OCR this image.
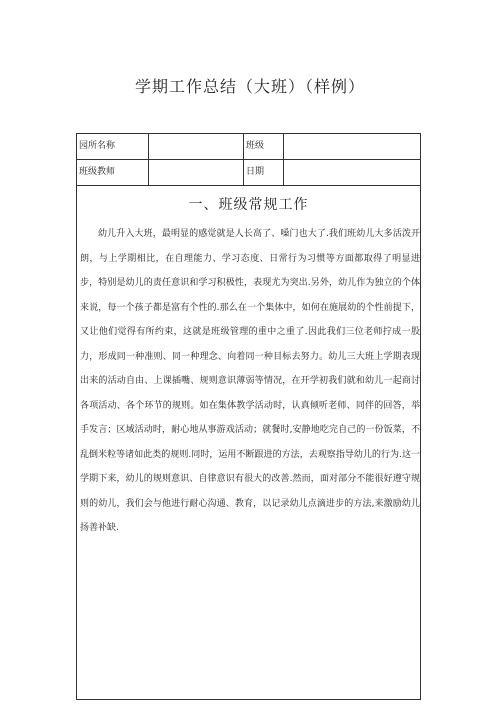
学期工作总结（大班）（样例）
园所名称	班级
班级教师	日期
一、班级常规工作

幼儿升入大班，最明显的感觉就是人长高了、嗓门也大了.我们班幼儿大多活泼开朗，与上学期相比，在自理能力、学习态度、日常行为习惯等方面都取得了明显进步，特别是幼儿的责任意识和学习积极性，表现尤为突出.另外，幼儿作为独立的个体来说，每一个孩子都是富有个性的.那么在一个集体中，如何在施展幼的个性前提下，又让他们觉得有所约束，这就是班级管理的重中之重了.因此我们三位老师拧成一股力，形成同一种准则、同一种理念、向着同一种目标去努力。幼儿三大班上学期表现出来的活动自由、上课插嘴、规则意识薄弱等情况，在开学初我们就和幼儿一起商讨各项活动、各个环节的规则。如在集体教学活动时，认真倾听老师、同伴的回答，举手发言；区域活动时，耐心地从事游戏活动；就餐时,安静地吃完自己的一份饭菜，不乱倒米粒等诸如此类的规则.同时，运用不断跟进的方法，去观察指导幼儿的行为.这一学期下来，幼儿的规则意识、自律意识有很大的改善.然而，面对部分不能很好遵守规则的幼儿，我们会与他进行耐心沟通、教育，以记录幼儿点滴进步的方法,来激励幼儿扬善补缺.
